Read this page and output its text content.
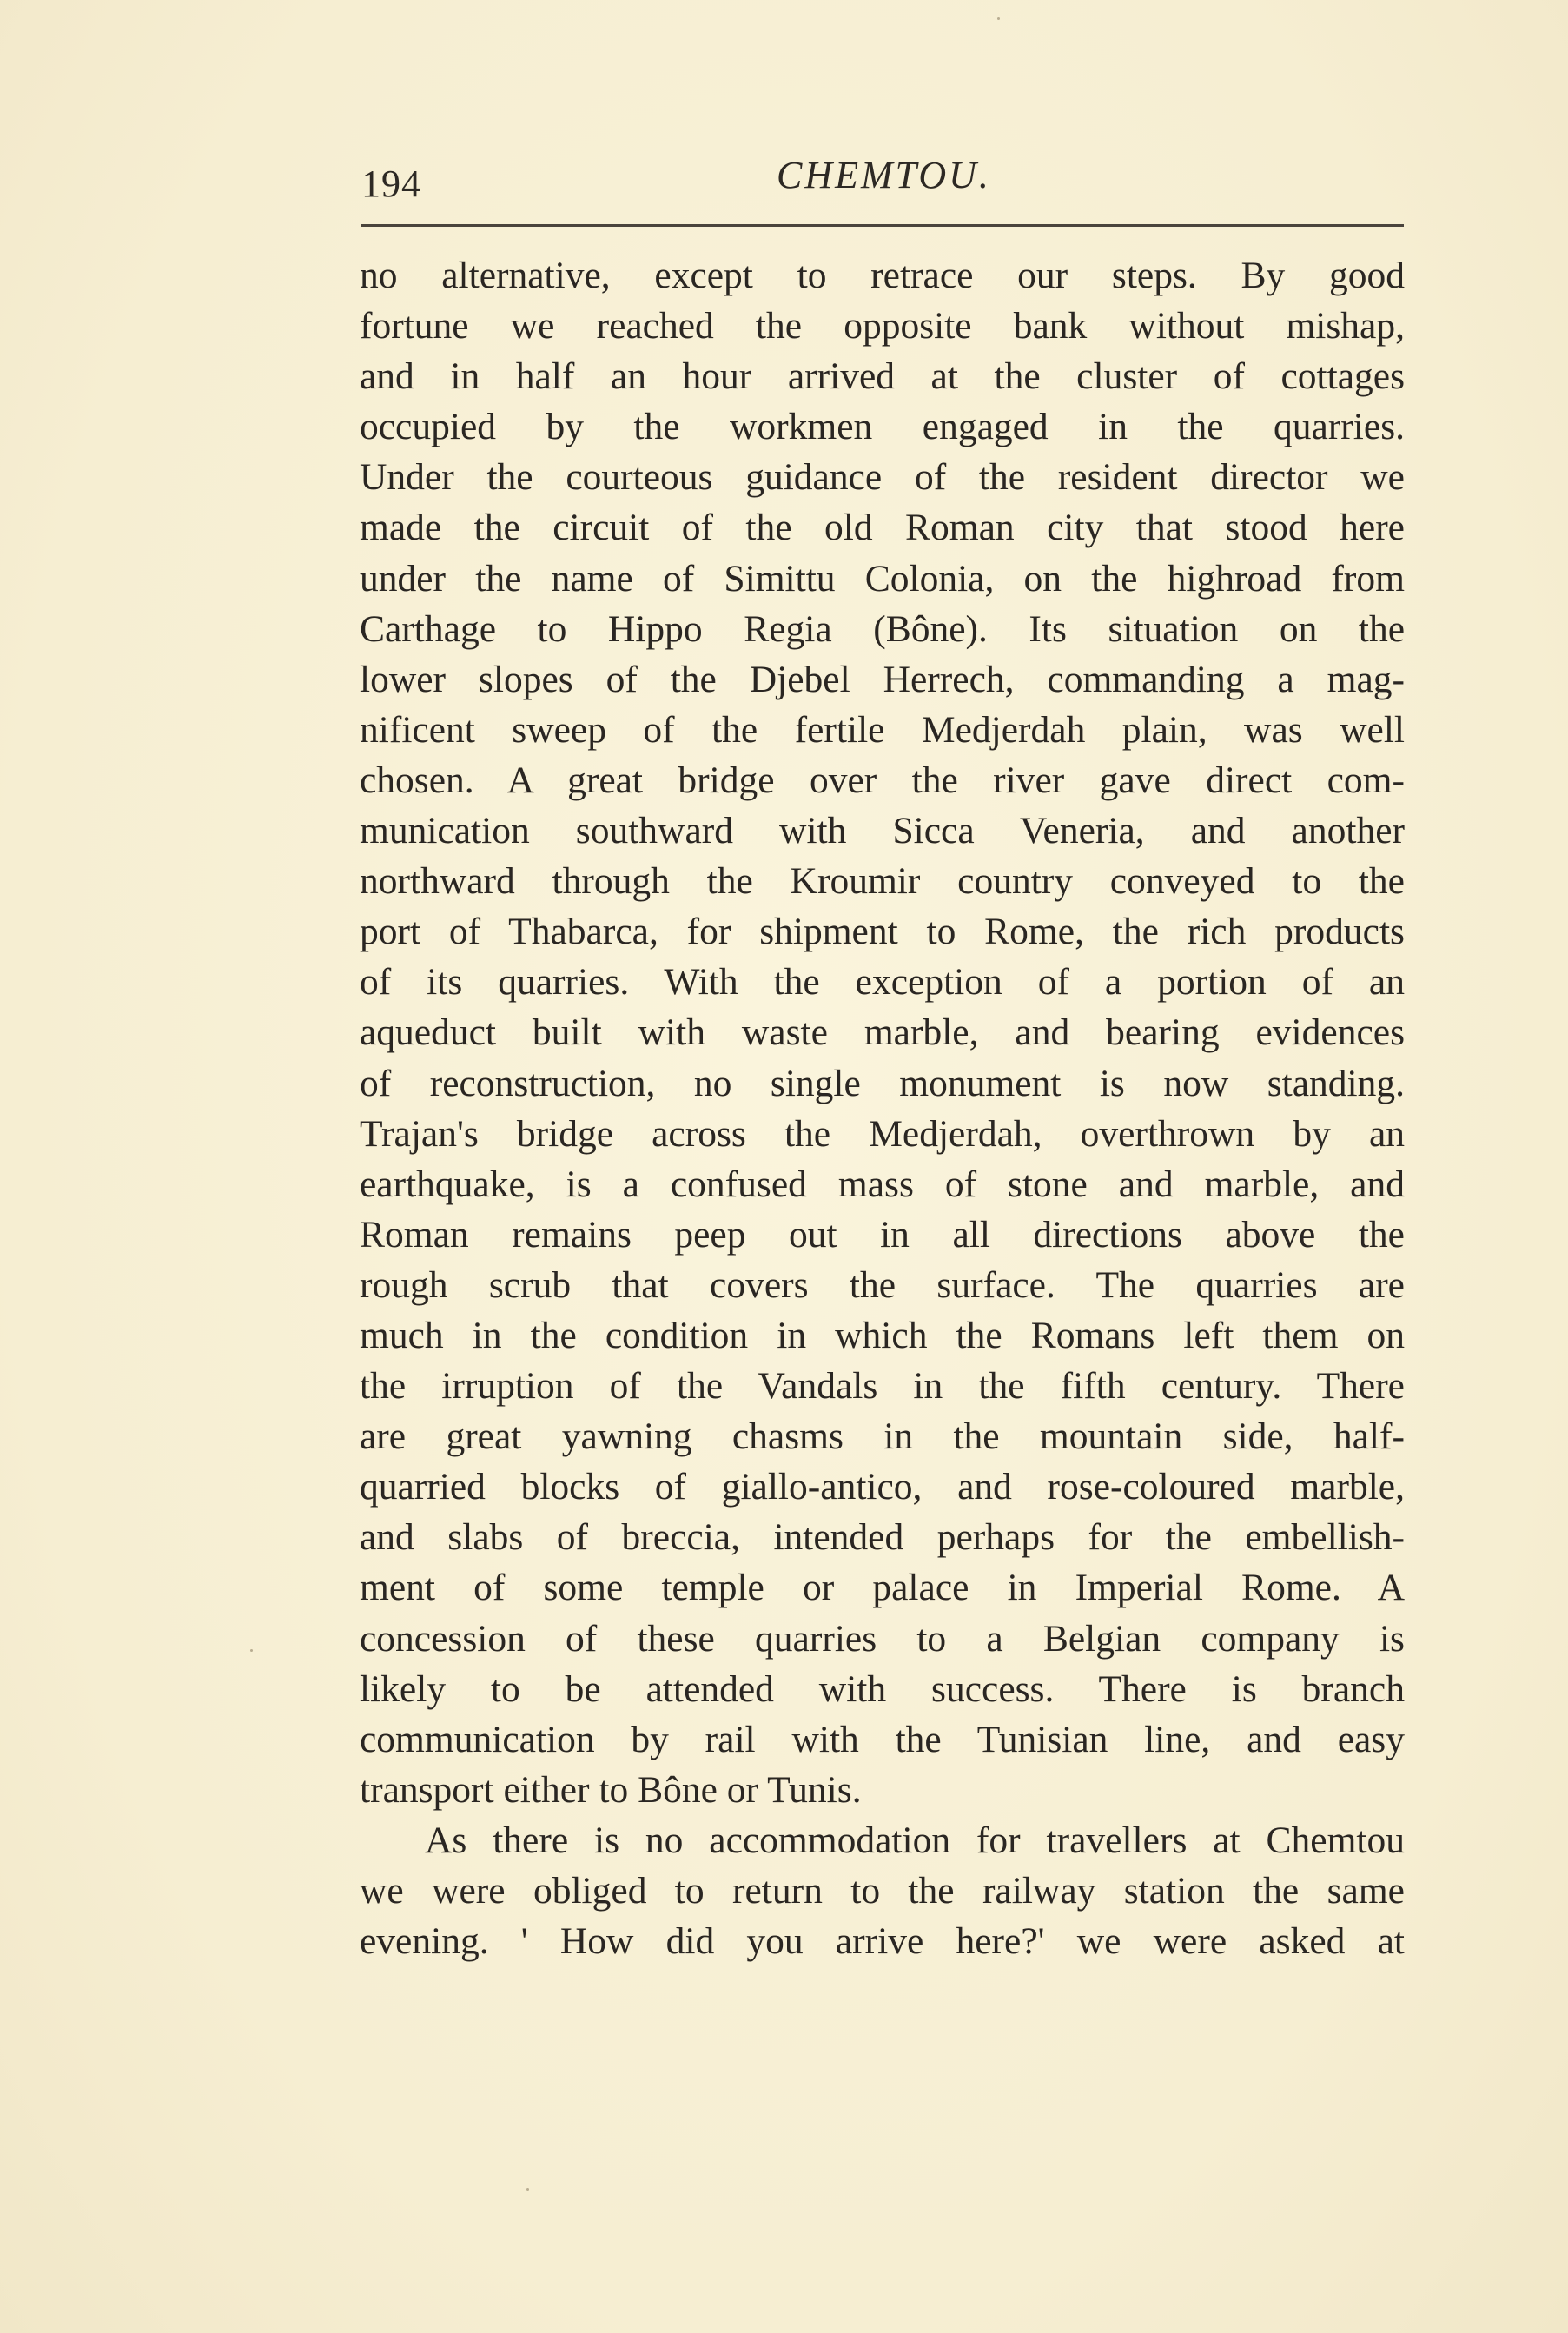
194	CHEMTOU.
no alternative, except to retrace our steps. By good
fortune we reached the opposite bank without mishap,
and in half an hour arrived at the cluster of cottages
occupied by the workmen engaged in the quarries.
Under the courteous guidance of the resident director we
made the circuit of the old Roman city that stood here
under the name of Simittu Colonia, on the highroad from
Carthage to Hippo Regia (Bône). Its situation on the
lower slopes of the Djebel Herrech, commanding a mag-
nificent sweep of the fertile Medjerdah plain, was well
chosen. A great bridge over the river gave direct com-
munication southward with Sicca Veneria, and another
northward through the Kroumir country conveyed to the
port of Thabarca, for shipment to Rome, the rich products
of its quarries. With the exception of a portion of an
aqueduct built with waste marble, and bearing evidences
of reconstruction, no single monument is now standing.
Trajan's bridge across the Medjerdah, overthrown by an
earthquake, is a confused mass of stone and marble, and
Roman remains peep out in all directions above the
rough scrub that covers the surface. The quarries are
much in the condition in which the Romans left them on
the irruption of the Vandals in the fifth century. There
are great yawning chasms in the mountain side, half-
quarried blocks of giallo-antico, and rose-coloured marble,
and slabs of breccia, intended perhaps for the embellish-
ment of some temple or palace in Imperial Rome. A
concession of these quarries to a Belgian company is
likely to be attended with success. There is branch
communication by rail with the Tunisian line, and easy
transport either to Bône or Tunis.
As there is no accommodation for travellers at Chemtou
we were obliged to return to the railway station the same
evening. ' How did you arrive here?' we were asked at
